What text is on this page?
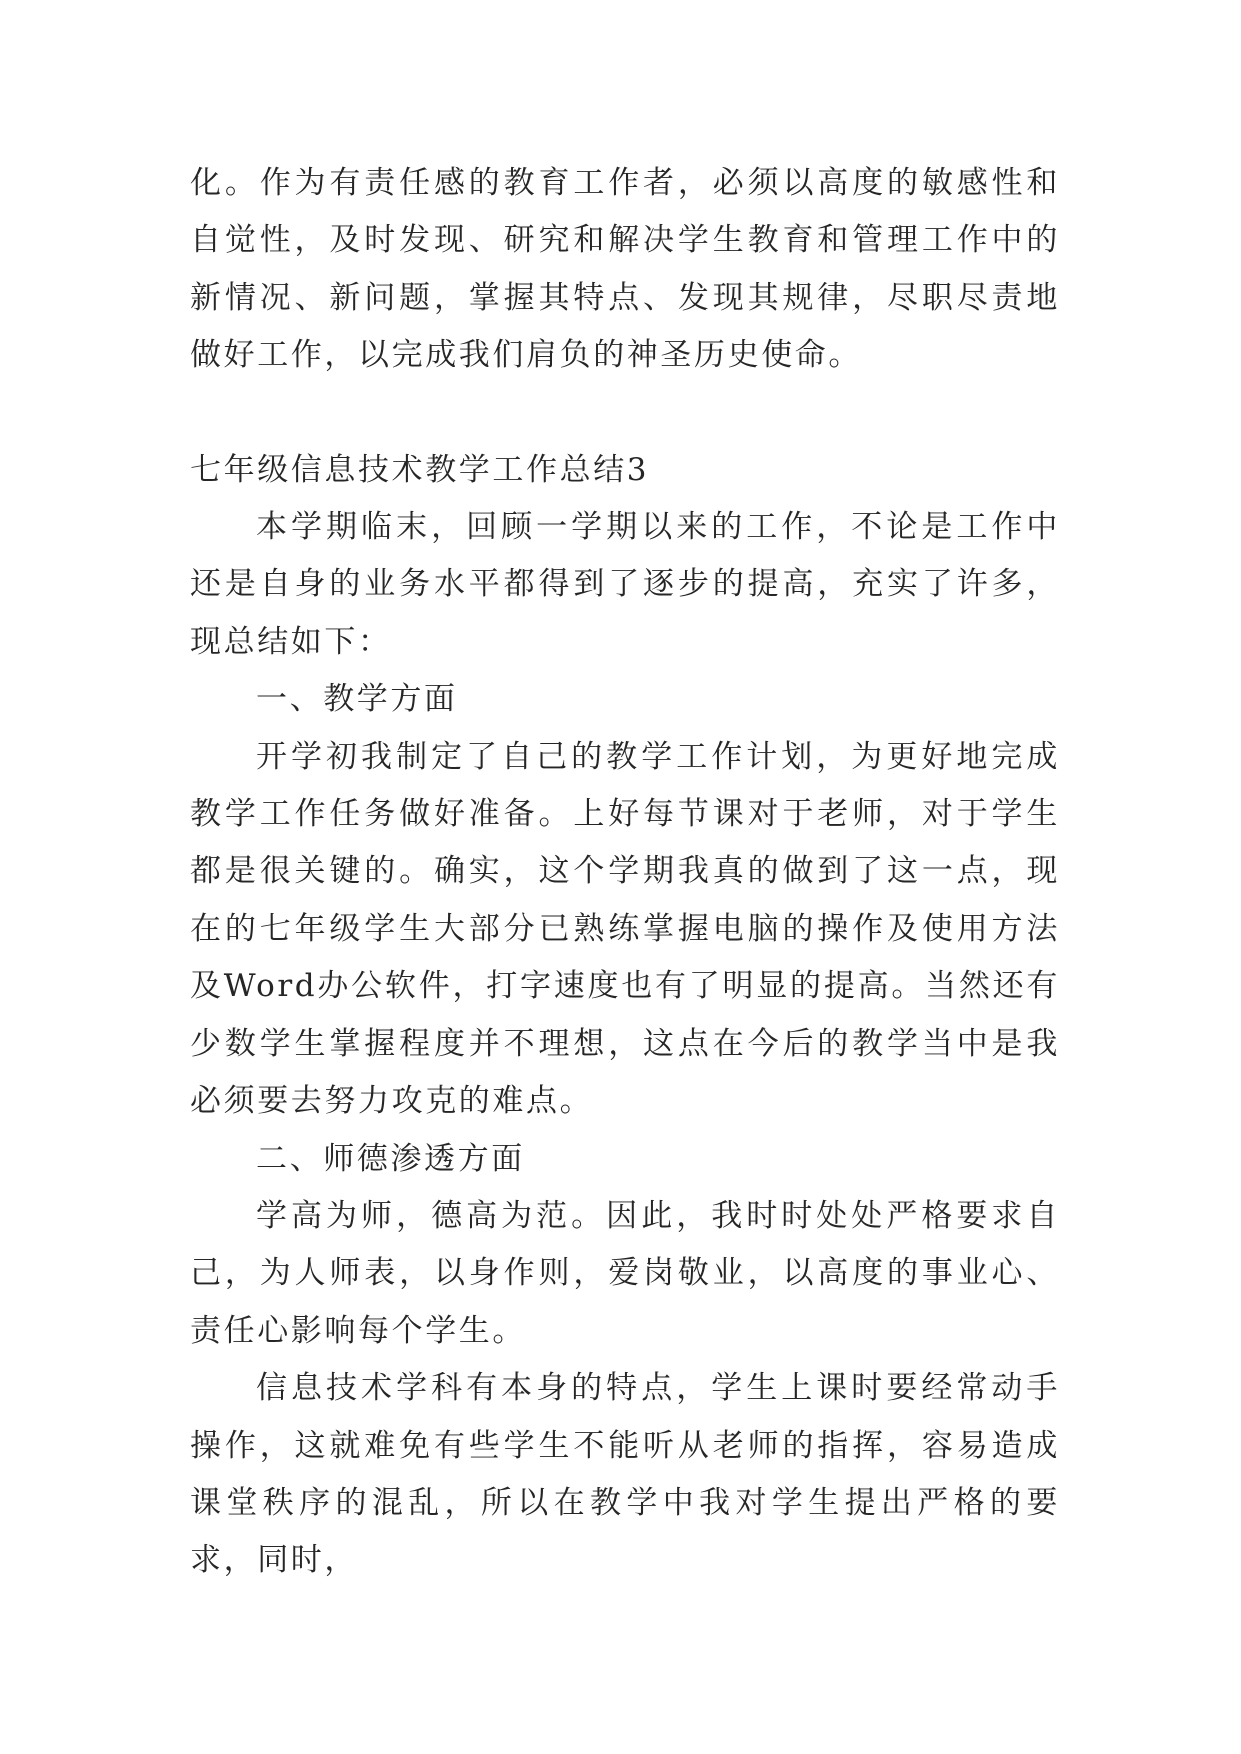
化。作为有责任感的教育工作者，必须以高度的敏感性和自觉性，及时发现、研究和解决学生教育和管理工作中的新情况、新问题，掌握其特点、发现其规律，尽职尽责地做好工作，以完成我们肩负的神圣历史使命。

七年级信息技术教学工作总结3

本学期临末，回顾一学期以来的工作，不论是工作中还是自身的业务水平都得到了逐步的提高，充实了许多，现总结如下：

一、教学方面

开学初我制定了自己的教学工作计划，为更好地完成教学工作任务做好准备。上好每节课对于老师，对于学生都是很关键的。确实，这个学期我真的做到了这一点，现在的七年级学生大部分已熟练掌握电脑的操作及使用方法及Word办公软件，打字速度也有了明显的提高。当然还有少数学生掌握程度并不理想，这点在今后的教学当中是我必须要去努力攻克的难点。

二、师德渗透方面

学高为师，德高为范。因此，我时时处处严格要求自己，为人师表，以身作则，爱岗敬业，以高度的事业心、责任心影响每个学生。

信息技术学科有本身的特点，学生上课时要经常动手操作，这就难免有些学生不能听从老师的指挥，容易造成课堂秩序的混乱，所以在教学中我对学生提出严格的要求，同时，
